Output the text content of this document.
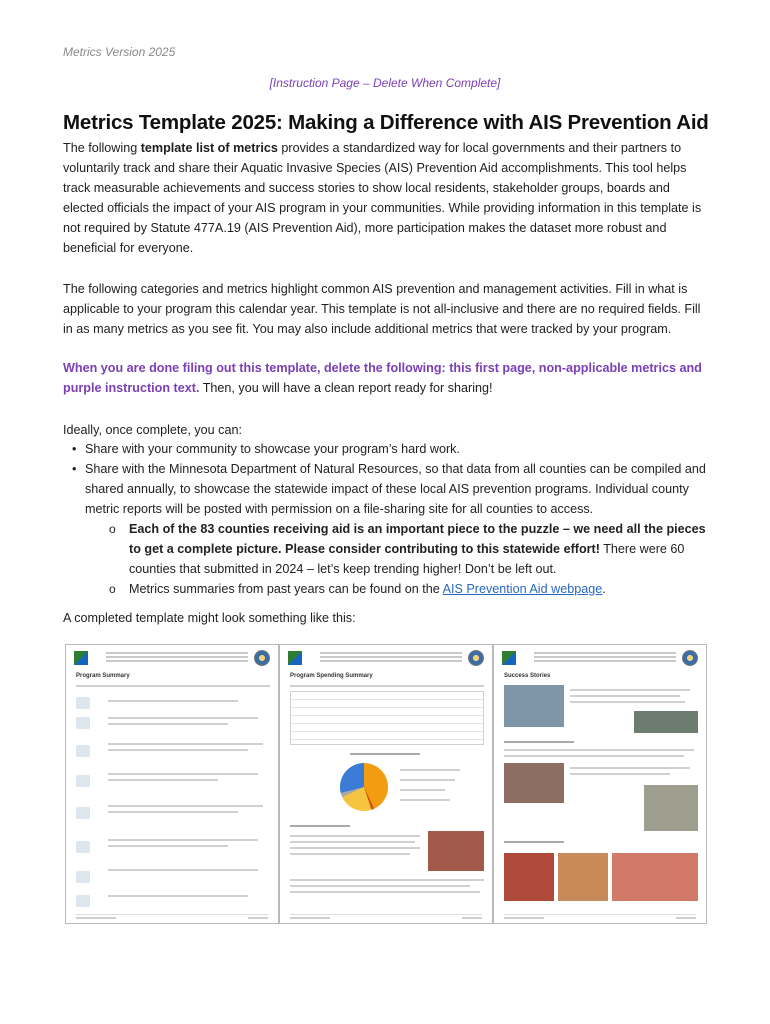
Metrics Version 2025
[Instruction Page – Delete When Complete]
Metrics Template 2025: Making a Difference with AIS Prevention Aid

The following template list of metrics provides a standardized way for local governments and their partners to voluntarily track and share their Aquatic Invasive Species (AIS) Prevention Aid accomplishments. This tool helps track measurable achievements and success stories to show local residents, stakeholder groups, boards and elected officials the impact of your AIS program in your communities. While providing information in this template is not required by Statute 477A.19 (AIS Prevention Aid), more participation makes the dataset more robust and beneficial for everyone.

The following categories and metrics highlight common AIS prevention and management activities. Fill in what is applicable to your program this calendar year. This template is not all-inclusive and there are no required fields. Fill in as many metrics as you see fit. You may also include additional metrics that were tracked by your program.

When you are done filing out this template, delete the following: this first page, non-applicable metrics and purple instruction text. Then, you will have a clean report ready for sharing!

Ideally, once complete, you can:

• Share with your community to showcase your program’s hard work.
• Share with the Minnesota Department of Natural Resources, so that data from all counties can be compiled and shared annually, to showcase the statewide impact of these local AIS prevention programs. Individual county metric reports will be posted with permission on a file-sharing site for all counties to access.
o Each of the 83 counties receiving aid is an important piece to the puzzle – we need all the pieces to get a complete picture. Please consider contributing to this statewide effort! There were 60 counties that submitted in 2024 – let’s keep trending higher! Don’t be left out.
o Metrics summaries from past years can be found on the AIS Prevention Aid webpage.

A completed template might look something like this:

Program Summary	Program Spending Summary	Success Stories
